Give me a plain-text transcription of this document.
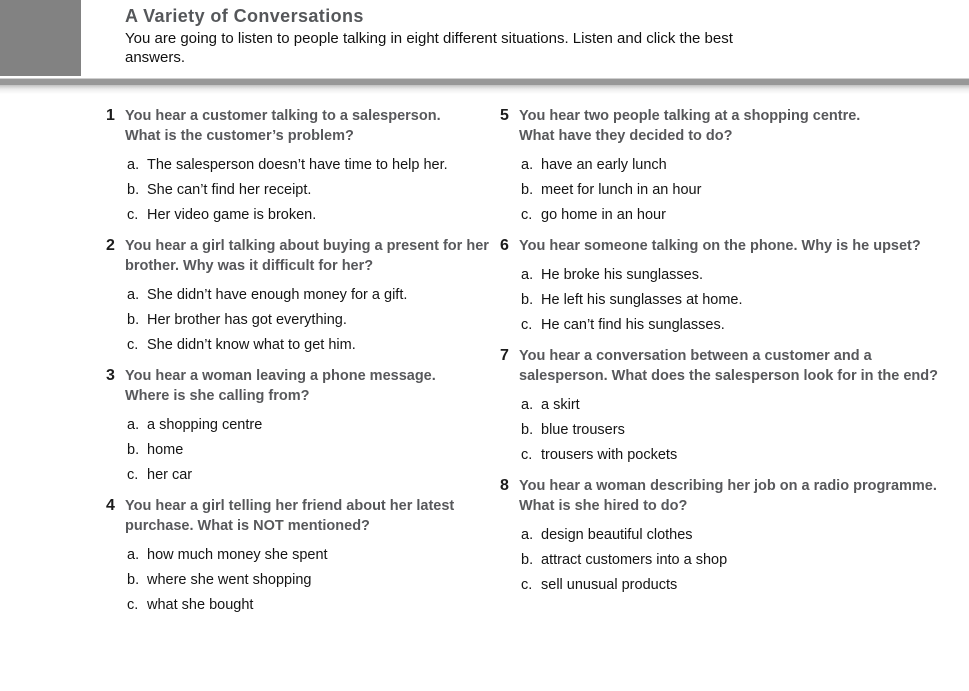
A Variety of Conversations
You are going to listen to people talking in eight different situations. Listen and click the best
answers.
1 You hear a customer talking to a salesperson.
What is the customer’s problem?
a. The salesperson doesn’t have time to help her.
b. She can’t find her receipt.
c. Her video game is broken.
2 You hear a girl talking about buying a present for her
brother. Why was it difficult for her?
a. She didn’t have enough money for a gift.
b. Her brother has got everything.
c. She didn’t know what to get him.
3 You hear a woman leaving a phone message.
Where is she calling from?
a. a shopping centre
b. home
c. her car
4 You hear a girl telling her friend about her latest
purchase. What is NOT mentioned?
a. how much money she spent
b. where she went shopping
c. what she bought
5 You hear two people talking at a shopping centre.
What have they decided to do?
a. have an early lunch
b. meet for lunch in an hour
c. go home in an hour
6 You hear someone talking on the phone. Why is he upset?
a. He broke his sunglasses.
b. He left his sunglasses at home.
c. He can’t find his sunglasses.
7 You hear a conversation between a customer and a
salesperson. What does the salesperson look for in the end?
a. a skirt
b. blue trousers
c. trousers with pockets
8 You hear a woman describing her job on a radio programme.
What is she hired to do?
a. design beautiful clothes
b. attract customers into a shop
c. sell unusual products
